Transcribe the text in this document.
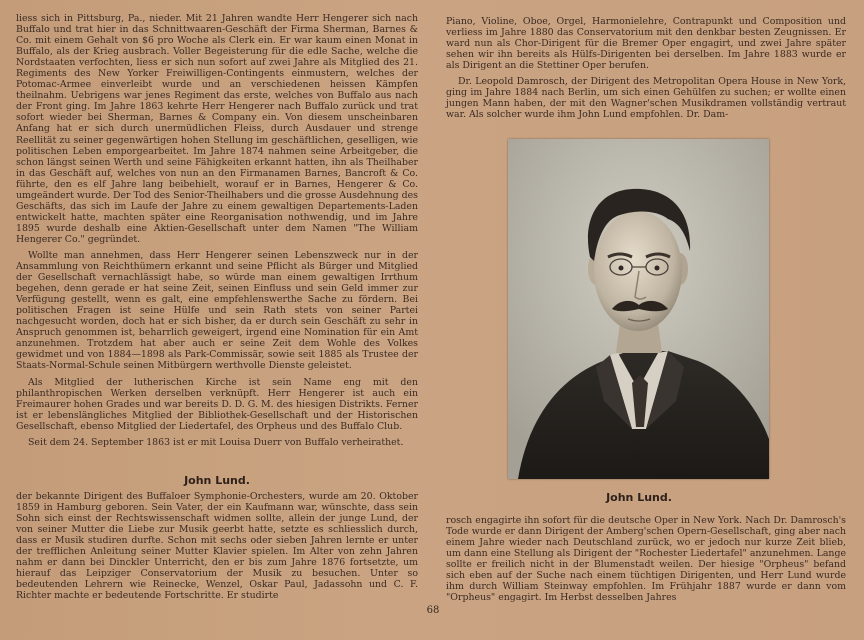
liess sich in Pittsburg, Pa., nieder. Mit 21 Jahren wandte Herr Hengerer sich nach Buffalo und trat hier in das Schnittwaaren-Geschäft der Firma Sherman, Barnes & Co. mit einem Gehalt von $6 pro Woche als Clerk ein. Er war kaum einen Monat in Buffalo, als der Krieg ausbrach. Voller Begeisterung für die edle Sache, welche die Nordstaaten verfochten, liess er sich nun sofort auf zwei Jahre als Mitglied des 21. Regiments des New Yorker Freiwilligen-Contingents einmustern, welches der Potomac-Armee einverleibt wurde und an verschiedenen heissen Kämpfen theilnahm. Uebrigens war jenes Regiment das erste, welches von Buffalo aus nach der Front ging. Im Jahre 1863 kehrte Herr Hengerer nach Buffalo zurück und trat sofort wieder bei Sherman, Barnes & Company ein. Von diesem unscheinbaren Anfang hat er sich durch unermüdlichen Fleiss, durch Ausdauer und strenge Reellität zu seiner gegenwärtigen hohen Stellung im geschäftlichen, geselligen, wie politischen Leben emporgearbeitet. Im Jahre 1874 nahmen seine Arbeitgeber, die schon längst seinen Werth und seine Fähigkeiten erkannt hatten, ihn als Theilhaber in das Geschäft auf, welches von nun an den Firmanamen Barnes, Bancroft & Co. führte, den es elf Jahre lang beibehielt, worauf er in Barnes, Hengerer & Co. umgeändert wurde. Der Tod des Senior-Theilhabers und die grosse Ausdehnung des Geschäfts, das sich im Laufe der Jahre zu einem gewaltigen Departements-Laden entwickelt hatte, machten später eine Reorganisation nothwendig, und im Jahre 1895 wurde deshalb eine Aktien-Gesellschaft unter dem Namen "The William Hengerer Co." gegründet.

Wollte man annehmen, dass Herr Hengerer seinen Lebenszweck nur in der Ansammlung von Reichthümern erkannt und seine Pflicht als Bürger und Mitglied der Gesellschaft vernachlässigt habe, so würde man einem gewaltigen Irrthum begehen, denn gerade er hat seine Zeit, seinen Einfluss und sein Geld immer zur Verfügung gestellt, wenn es galt, eine empfehlenswerthe Sache zu fördern. Bei politischen Fragen ist seine Hülfe und sein Rath stets von seiner Partei nachgesucht worden, doch hat er sich bisher, da er durch sein Geschäft zu sehr in Anspruch genommen ist, beharrlich geweigert, irgend eine Nomination für ein Amt anzunehmen. Trotzdem hat aber auch er seine Zeit dem Wohle des Volkes gewidmet und von 1884—1898 als Park-Commissär, sowie seit 1885 als Trustee der Staats-Normal-Schule seinen Mitbürgern werthvolle Dienste geleistet.

Als Mitglied der lutherischen Kirche ist sein Name eng mit den philanthropischen Werken derselben verknüpft. Herr Hengerer ist auch ein Freimaurer hohen Grades und war bereits D. D. G. M. des hiesigen Distrikts. Ferner ist er lebenslängliches Mitglied der Bibliothek-Gesellschaft und der Historischen Gesellschaft, ebenso Mitglied der Liedertafel, des Orpheus und des Buffalo Club.

Seit dem 24. September 1863 ist er mit Louisa Duerr von Buffalo verheirathet.

Piano, Violine, Oboe, Orgel, Harmonielehre, Contrapunkt und Composition und verliess im Jahre 1880 das Conservatorium mit den denkbar besten Zeugnissen. Er ward nun als Chor-Dirigent für die Bremer Oper engagirt, und zwei Jahre später sehen wir ihn bereits als Hülfs-Dirigenten bei derselben. Im Jahre 1883 wurde er als Dirigent an die Stettiner Oper berufen.

Dr. Leopold Damrosch, der Dirigent des Metropolitan Opera House in New York, ging im Jahre 1884 nach Berlin, um sich einen Gehülfen zu suchen; er wollte einen jungen Mann haben, der mit den Wagner'schen Musikdramen vollständig vertraut war. Als solcher wurde ihm John Lund empfohlen. Dr. Dam-

John Lund.
John Lund.

der bekannte Dirigent des Buffaloer Symphonie-Orchesters, wurde am 20. Oktober 1859 in Hamburg geboren. Sein Vater, der ein Kaufmann war, wünschte, dass sein Sohn sich einst der Rechtswissenschaft widmen sollte, allein der junge Lund, der von seiner Mutter die Liebe zur Musik geerbt hatte, setzte es schliesslich durch, dass er Musik studiren durfte. Schon mit sechs oder sieben Jahren lernte er unter der trefflichen Anleitung seiner Mutter Klavier spielen. Im Alter von zehn Jahren nahm er dann bei Dinckler Unterricht, den er bis zum Jahre 1876 fortsetzte, um hierauf das Leipziger Conservatorium der Musik zu besuchen. Unter so bedeutenden Lehrern wie Reinecke, Wenzel, Oskar Paul, Jadassohn und C. F. Richter machte er bedeutende Fortschritte. Er studirte

rosch engagirte ihn sofort für die deutsche Oper in New York. Nach Dr. Damrosch's Tode wurde er dann Dirigent der Amberg'schen Opern-Gesellschaft, ging aber nach einem Jahre wieder nach Deutschland zurück, wo er jedoch nur kurze Zeit blieb, um dann eine Stellung als Dirigent der "Rochester Liedertafel" anzunehmen. Lange sollte er freilich nicht in der Blumenstadt weilen. Der hiesige "Orpheus" befand sich eben auf der Suche nach einem tüchtigen Dirigenten, und Herr Lund wurde ihm durch William Steinway empfohlen. Im Frühjahr 1887 wurde er dann vom "Orpheus" engagirt. Im Herbst desselben Jahres

68
